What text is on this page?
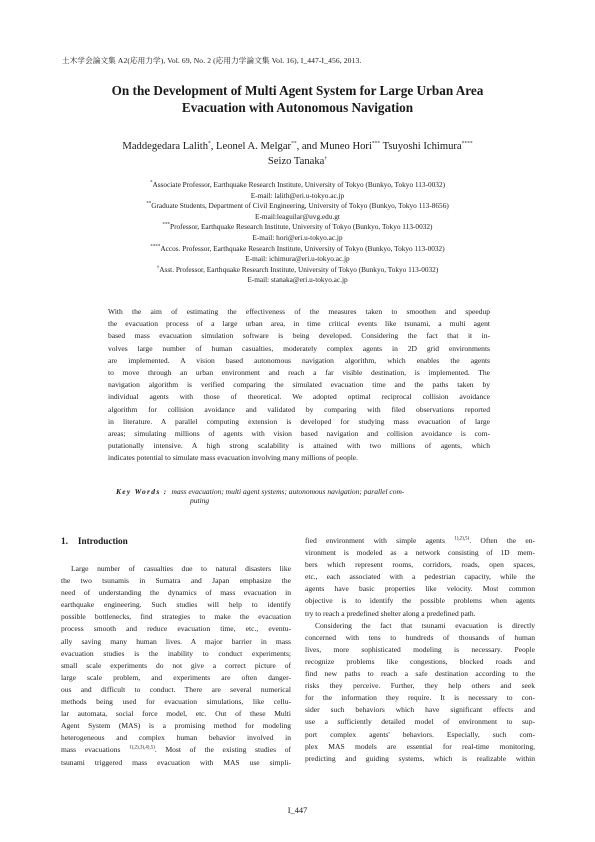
土木学会論文集 A2(応用力学), Vol. 69, No. 2 (応用力学論文集 Vol. 16), I_447-I_456, 2013.
On the Development of Multi Agent System for Large Urban Area
Evacuation with Autonomous Navigation
Maddegedara Lalith*, Leonel A. Melgar**, and Muneo Hori*** Tsuyoshi Ichimura****
Seizo Tanaka†
*Associate Professor, Earthquake Research Institute, University of Tokyo (Bunkyo, Tokyo 113-0032)
E-mail: lalith@eri.u-tokyo.ac.jp
**Graduate Students, Department of Civil Engineering, University of Tokyo (Bunkyo, Tokyo 113-8656)
E-mail:leaguilar@uvg.edu.gt
***Professor, Earthquake Research Institute, University of Tokyo (Bunkyo, Tokyo 113-0032)
E-mail: hori@eri.u-tokyo.ac.jp
****Accos. Professor, Earthquake Research Institute, University of Tokyo (Bunkyo, Tokyo 113-0032)
E-mail: ichimura@eri.u-tokyo.ac.jp
†Asst. Professor, Earthquake Research Institute, University of Tokyo (Bunkyo, Tokyo 113-0032)
E-mail: stanaka@eri.u-tokyo.ac.jp
With the aim of estimating the effectiveness of the measures taken to smoothen and speedup
the evacuation process of a large urban area, in time critical events like tsunami, a multi agent
based mass evacuation simulation software is being developed. Considering the fact that it in-
volves large number of human casualties, moderately complex agents in 2D grid environments
are implemented. A vision based autonomous navigation algorithm, which enables the agents
to move through an urban environment and reach a far visible destination, is implemented. The
navigation algorithm is verified comparing the simulated evacuation time and the paths taken by
individual agents with those of theoretical. We adopted optimal reciprocal collision avoidance
algorithm for collision avoidance and validated by comparing with filed observations reported
in literature. A parallel computing extension is developed for studying mass evacuation of large
areas; simulating millions of agents with vision based navigation and collision avoidance is com-
putationally intensive. A high strong scalability is attained with two millions of agents, which
indicates potential to simulate mass evacuation involving many millions of people.
Key Words : mass evacuation; multi agent systems; autonomous navigation; parallel com-
puting
1. Introduction
Large number of casualties due to natural disasters like
the two tsunamis in Sumatra and Japan emphasize the
need of understanding the dynamics of mass evacuation in
earthquake engineering. Such studies will help to identify
possible bottlenecks, find strategies to make the evacuation
process smooth and reduce evacuation time, etc., eventu-
ally saving many human lives. A major barrier in mass
evacuation studies is the inability to conduct experiments;
small scale experiments do not give a correct picture of
large scale problem, and experiments are often danger-
ous and difficult to conduct. There are several numerical
methods being used for evacuation simulations, like cellu-
lar automata, social force model, etc. Out of these Multi
Agent System (MAS) is a promising method for modeling
heterogeneous and complex human behavior involved in
mass evacuations $^{1),2),3),4),5)}$. Most of the existing studies of
tsunami triggered mass evacuation with MAS use simpli-
fied environment with simple agents $^{1),2),5)}$. Often the en-
vironment is modeled as a network consisting of 1D mem-
bers which represent rooms, corridors, roads, open spaces,
etc., each associated with a pedestrian capacity, while the
agents have basic properties like velocity. Most common
objective is to identify the possible problems when agents
try to reach a predefined shelter along a predefined path.
Considering the fact that tsunami evacuation is directly
concerned with tens to hundreds of thousands of human
lives, more sophisticated modeling is necessary. People
recognize problems like congestions, blocked roads and
find new paths to reach a safe destination according to the
risks they perceive. Further, they help others and seek
for the information they require. It is necessary to con-
sider such behaviors which have significant effects and
use a sufficiently detailed model of environment to sup-
port complex agents' behaviors. Especially, such com-
plex MAS models are essential for real-time monitoring,
predicting and guiding systems, which is realizable within
I_447
